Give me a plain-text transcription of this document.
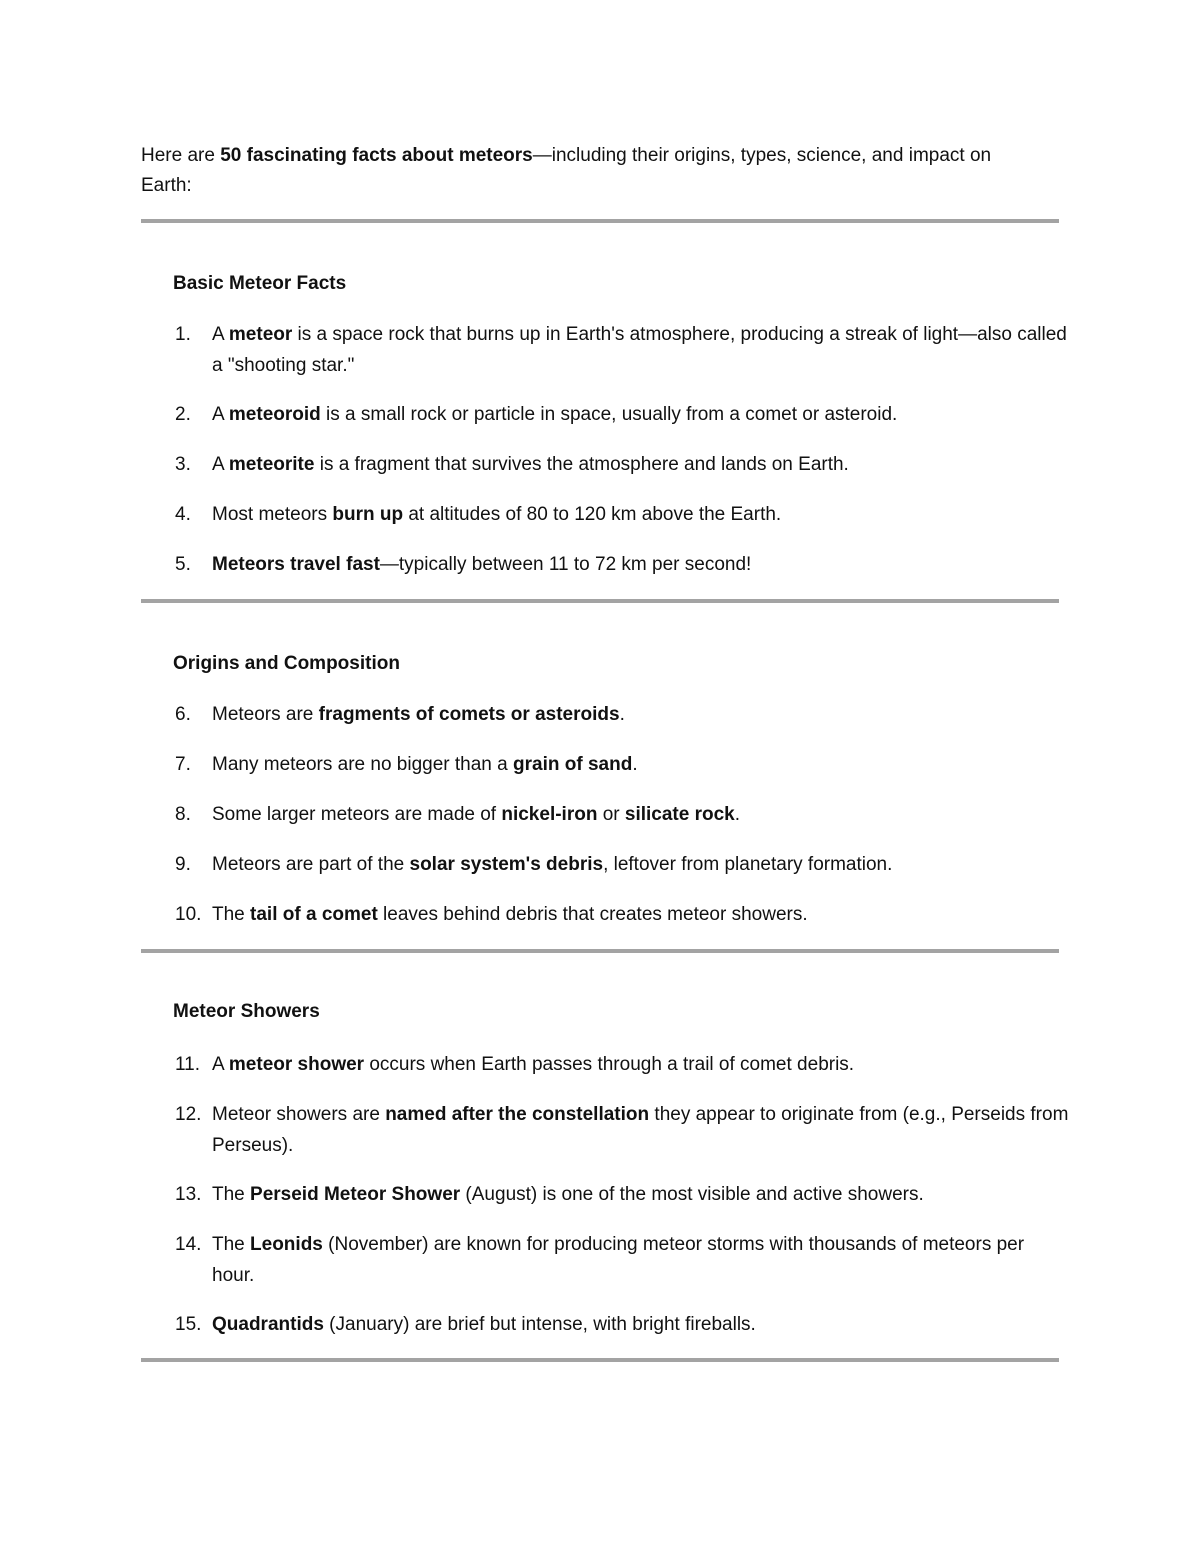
Here are 50 fascinating facts about meteors—including their origins, types, science, and impact on Earth:
Basic Meteor Facts
1.	A meteor is a space rock that burns up in Earth's atmosphere, producing a streak of light—also called a "shooting star."
2.	A meteoroid is a small rock or particle in space, usually from a comet or asteroid.
3.	A meteorite is a fragment that survives the atmosphere and lands on Earth.
4.	Most meteors burn up at altitudes of 80 to 120 km above the Earth.
5.	Meteors travel fast—typically between 11 to 72 km per second!
Origins and Composition
6.	Meteors are fragments of comets or asteroids.
7.	Many meteors are no bigger than a grain of sand.
8.	Some larger meteors are made of nickel-iron or silicate rock.
9.	Meteors are part of the solar system's debris, leftover from planetary formation.
10. The tail of a comet leaves behind debris that creates meteor showers.
Meteor Showers
11. A meteor shower occurs when Earth passes through a trail of comet debris.
12. Meteor showers are named after the constellation they appear to originate from (e.g., Perseids from Perseus).
13. The Perseid Meteor Shower (August) is one of the most visible and active showers.
14. The Leonids (November) are known for producing meteor storms with thousands of meteors per hour.
15. Quadrantids (January) are brief but intense, with bright fireballs.
